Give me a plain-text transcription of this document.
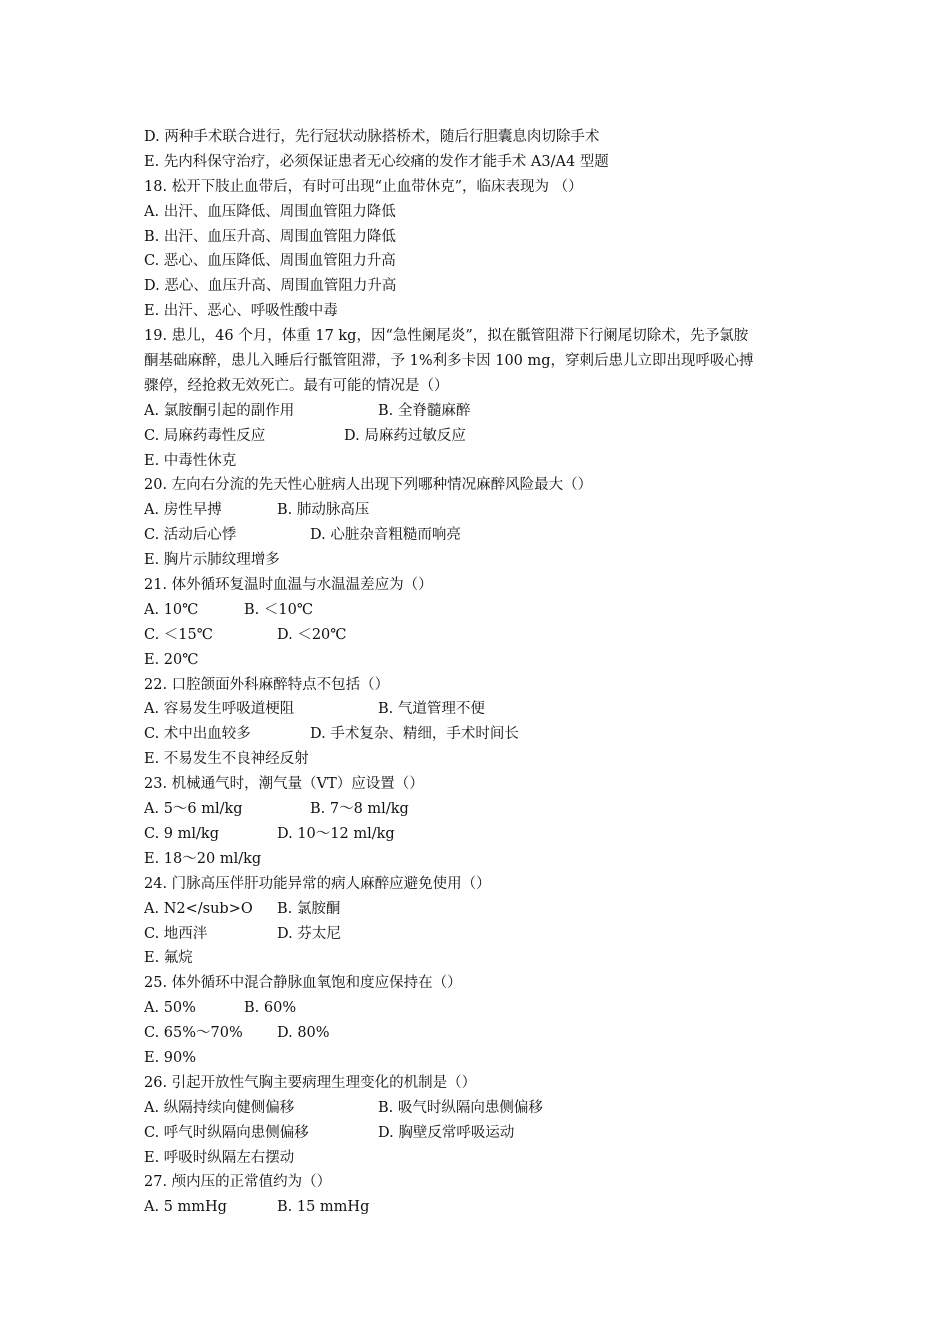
D. 两种手术联合进行，先行冠状动脉搭桥术，随后行胆囊息肉切除手术
E. 先内科保守治疗，必须保证患者无心绞痛的发作才能手术 A3/A4 型题
18. 松开下肢止血带后，有时可出现“止血带休克”，临床表现为 （）
A. 出汗、血压降低、周围血管阻力降低
B. 出汗、血压升高、周围血管阻力降低
C. 恶心、血压降低、周围血管阻力升高
D. 恶心、血压升高、周围血管阻力升高
E. 出汗、恶心、呼吸性酸中毒
19. 患儿，46 个月，体重 17 kg，因“急性阑尾炎”，拟在骶管阻滞下行阑尾切除术，先予氯胺
酮基础麻醉，患儿入睡后行骶管阻滞，予 1%利多卡因 100 mg，穿刺后患儿立即出现呼吸心搏
骤停，经抢救无效死亡。最有可能的情况是（）
A. 氯胺酮引起的副作用	B. 全脊髓麻醉
C. 局麻药毒性反应	D. 局麻药过敏反应
E. 中毒性休克
20. 左向右分流的先天性心脏病人出现下列哪种情况麻醉风险最大（）
A. 房性早搏	B. 肺动脉高压
C. 活动后心悸	D. 心脏杂音粗糙而响亮
E. 胸片示肺纹理增多
21. 体外循环复温时血温与水温温差应为（）
A. 10℃	B. ＜10℃
C. ＜15℃	D. ＜20℃
E. 20℃
22. 口腔颌面外科麻醉特点不包括（）
A. 容易发生呼吸道梗阻	B. 气道管理不便
C. 术中出血较多	D. 手术复杂、精细，手术时间长
E. 不易发生不良神经反射
23. 机械通气时，潮气量（VT）应设置（）
A. 5～6 ml/kg	B. 7～8 ml/kg
C. 9 ml/kg	D. 10～12 ml/kg
E. 18～20 ml/kg
24. 门脉高压伴肝功能异常的病人麻醉应避免使用（）
A. N2</sub>O B. 氯胺酮
C. 地西泮	D. 芬太尼
E. 氟烷
25. 体外循环中混合静脉血氧饱和度应保持在（）
A. 50%	B. 60%
C. 65%～70% D. 80%
E. 90%
26. 引起开放性气胸主要病理生理变化的机制是（）
A. 纵隔持续向健侧偏移	B. 吸气时纵隔向患侧偏移
C. 呼气时纵隔向患侧偏移	D. 胸壁反常呼吸运动
E. 呼吸时纵隔左右摆动
27. 颅内压的正常值约为（）
A. 5 mmHg	B. 15 mmHg
